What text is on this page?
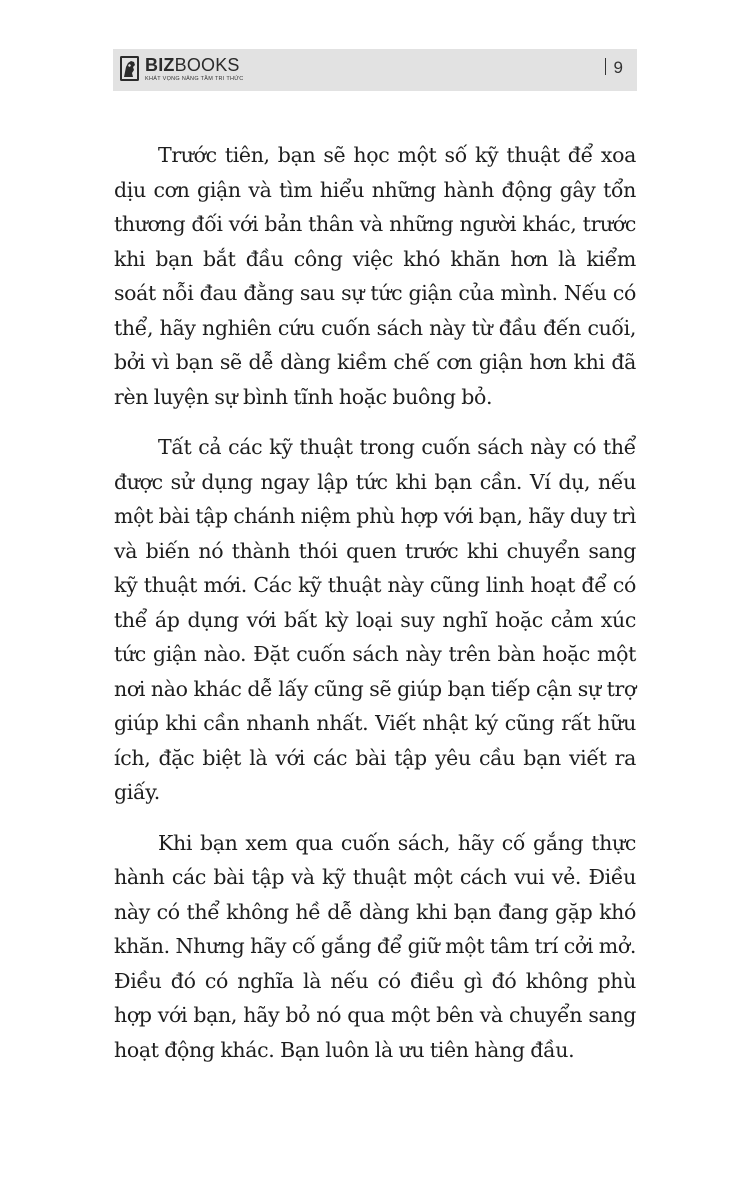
BIZBOOKS
KHÁT VỌNG NÂNG TẦM TRI THỨC
9

Trước tiên, bạn sẽ học một số kỹ thuật để xoa dịu cơn giận và tìm hiểu những hành động gây tổn thương đối với bản thân và những người khác, trước khi bạn bắt đầu công việc khó khăn hơn là kiểm soát nỗi đau đằng sau sự tức giận của mình. Nếu có thể, hãy nghiên cứu cuốn sách này từ đầu đến cuối, bởi vì bạn sẽ dễ dàng kiềm chế cơn giận hơn khi đã rèn luyện sự bình tĩnh hoặc buông bỏ.

Tất cả các kỹ thuật trong cuốn sách này có thể được sử dụng ngay lập tức khi bạn cần. Ví dụ, nếu một bài tập chánh niệm phù hợp với bạn, hãy duy trì và biến nó thành thói quen trước khi chuyển sang kỹ thuật mới. Các kỹ thuật này cũng linh hoạt để có thể áp dụng với bất kỳ loại suy nghĩ hoặc cảm xúc tức giận nào. Đặt cuốn sách này trên bàn hoặc một nơi nào khác dễ lấy cũng sẽ giúp bạn tiếp cận sự trợ giúp khi cần nhanh nhất. Viết nhật ký cũng rất hữu ích, đặc biệt là với các bài tập yêu cầu bạn viết ra giấy.

Khi bạn xem qua cuốn sách, hãy cố gắng thực hành các bài tập và kỹ thuật một cách vui vẻ. Điều này có thể không hề dễ dàng khi bạn đang gặp khó khăn. Nhưng hãy cố gắng để giữ một tâm trí cởi mở. Điều đó có nghĩa là nếu có điều gì đó không phù hợp với bạn, hãy bỏ nó qua một bên và chuyển sang hoạt động khác. Bạn luôn là ưu tiên hàng đầu.
